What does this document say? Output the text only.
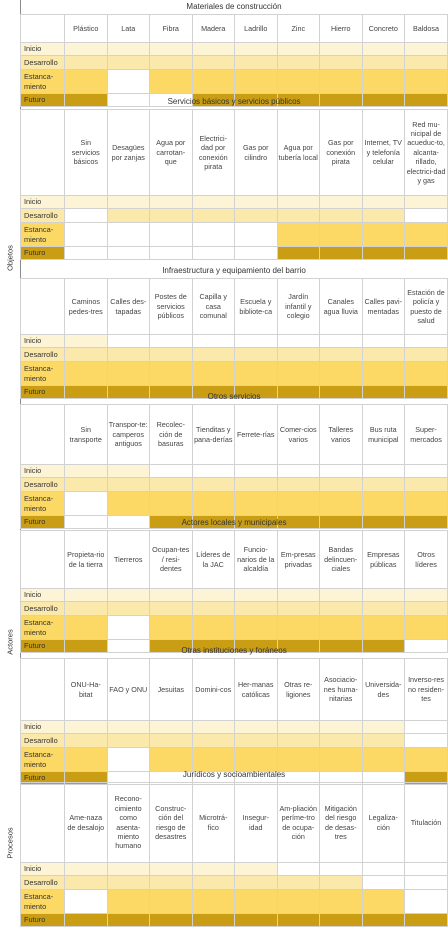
Objetos
Actores
Procesos
Materiales de construcción									
	Plástico	Lata	Fibra	Madera	Ladrillo	Zinc	Hierro	Concreto	Baldosa
Inicio									
Desarrollo									
Estanca-
miento									
Futuro										Servicios básicos y servicios públicos									
	Sin servicios básicos	Desagües por zanjas	Agua por carrotan-que	Electrici-dad por conexión pirata	Gas por cilindro	Agua por tubería local	Gas por conexión pirata	Internet, TV y telefonía celular	Red mu-nicipal de acueduc-to, alcanta-rillado, electrici-dad y gas
Inicio									
Desarrollo									
Estanca-
miento									
Futuro									
Infraestructura y equipamiento del barrio									
	Caminos pedes-tres	Calles des-tapadas	Postes de servicios públicos	Capilla y casa comunal	Escuela y bibliote-ca	Jardín infantil y colegio	Canales agua lluvia	Calles pavi-mentadas	Estación de policía y puesto de salud
Inicio									
Desarrollo									
Estanca-
miento									
Futuro									
Otros servicios									
	Sin transporte	Transpor-te: camperos antiguos	Recolec-ción de basuras	Tienditas y pana-derías	Ferrete-rías	Comer-cios varios	Talleres varios	Bus ruta municipal	Super-mercados
Inicio									
Desarrollo									
Estanca-
miento									
Futuro										Actores locales y municipales									
	Propieta-rio de la tierra	Tierreros	Ocupan-tes / resi-dentes	Líderes de la JAC	Funcio-narios de la alcaldía	Em-presas privadas	Bandas delincuen-ciales	Empresas públicas	Otros líderes
Inicio									
Desarrollo									
Estanca-
miento									
Futuro									
Otras instituciones y foráneos									
	ONU-Ha-bitat	FAO y ONU	Jesuitas	Domini-cos	Her-manas católicas	Otras re-ligiones	Asociacio-nes huma-nitarias	Universida-des	Inverso-res no residen-tes
Inicio									
Desarrollo									
Estanca-
miento									
Futuro										Jurídicos y socioambientales									
	Ame-naza de desalojo	Recono-cimiento como asenta-miento humano	Construc-ción del riesgo de desastres	Microtrá-fico	Insegur-idad	Am-pliación períme-tro de ocupa-ción	Mitigación del riesgo de desas-tres	Legaliza-ción	Titulación
Inicio									
Desarrollo									
Estanca-
miento									
Futuro									
